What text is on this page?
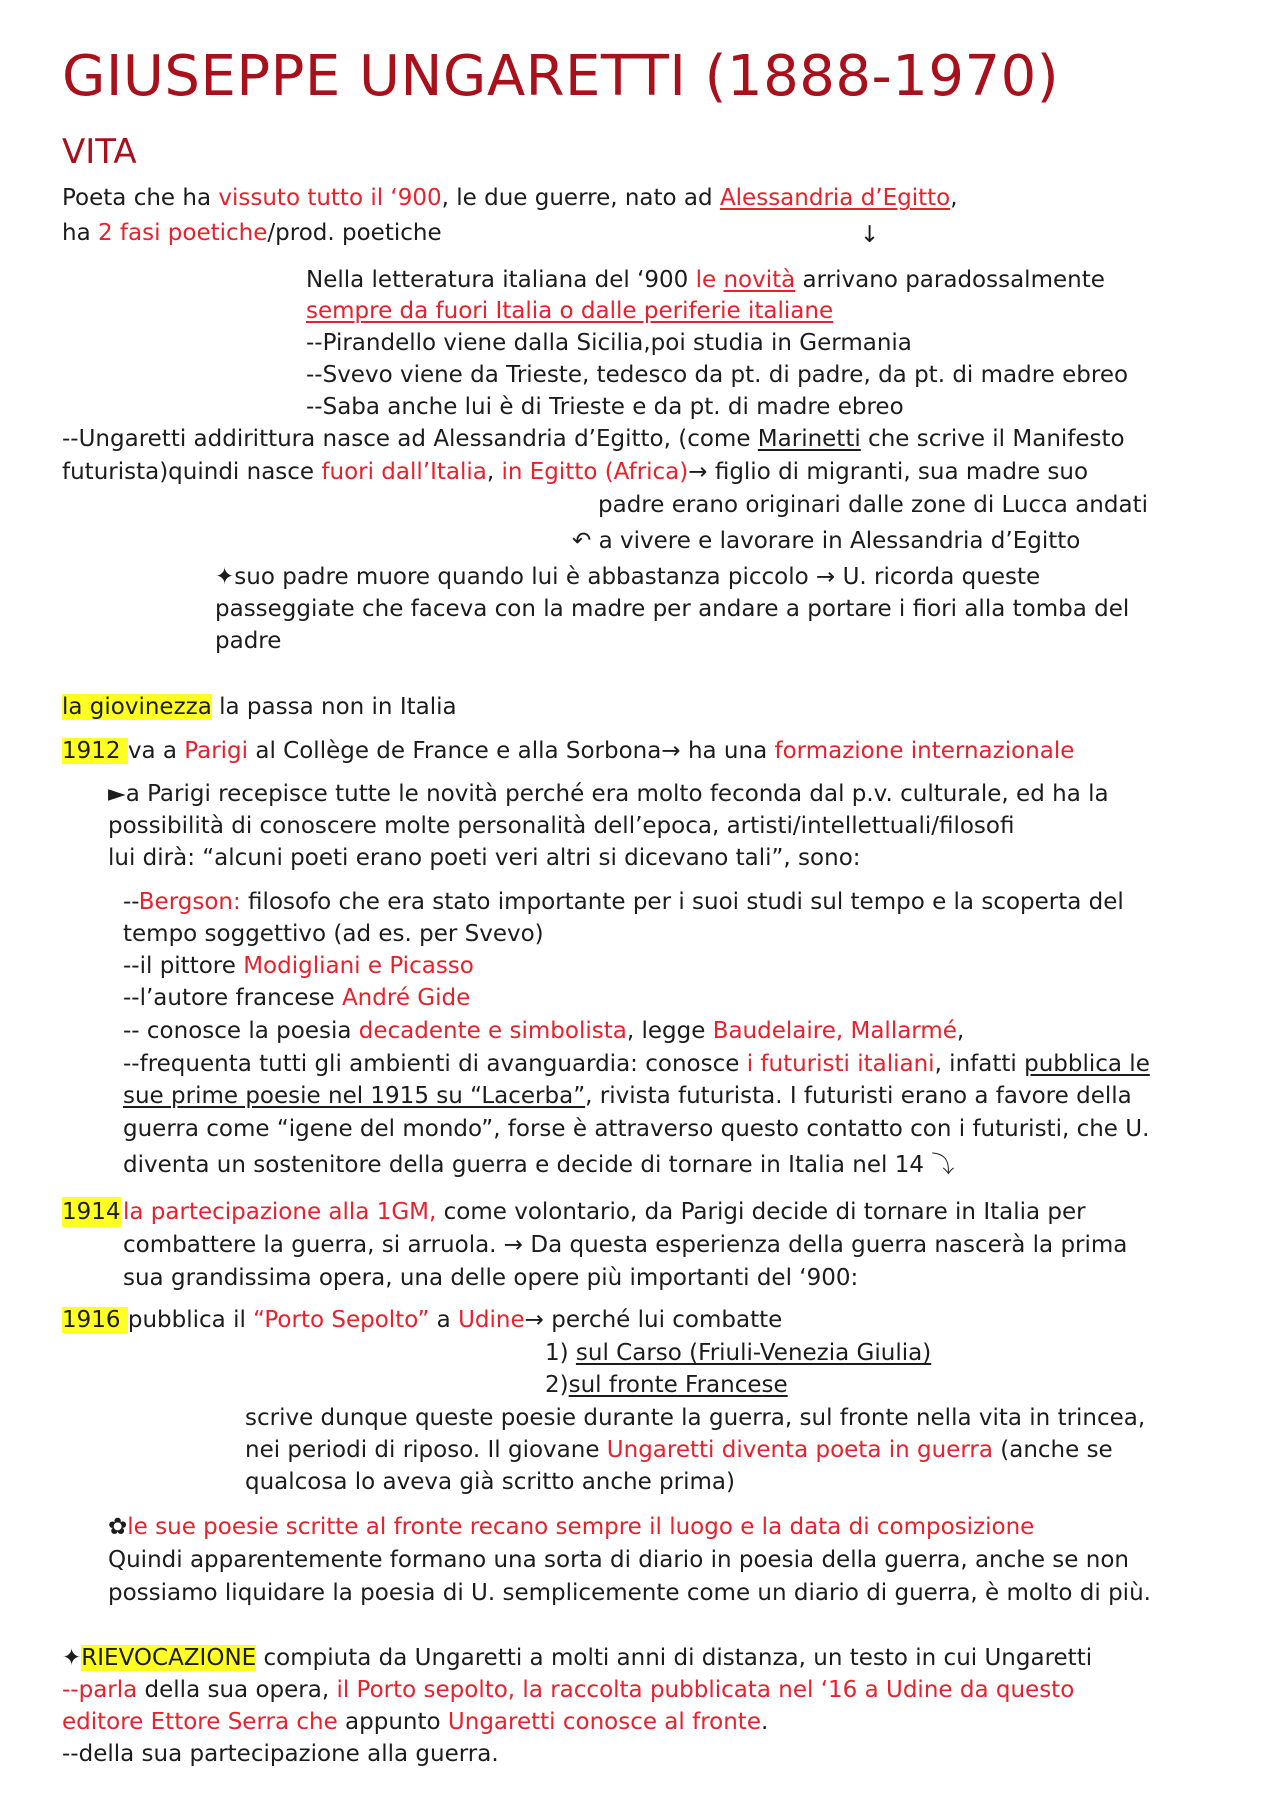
GIUSEPPE UNGARETTI (1888-1970)
VITA
Poeta che ha vissuto tutto il ‘900, le due guerre, nato ad Alessandria d’Egitto,
ha 2 fasi poetiche/prod. poetiche	↓
Nella letteratura italiana del ‘900 le novità arrivano paradossalmente
sempre da fuori Italia o dalle periferie italiane
--Pirandello viene dalla Sicilia,poi studia in Germania
--Svevo viene da Trieste, tedesco da pt. di padre, da pt. di madre ebreo
--Saba anche lui è di Trieste e da pt. di madre ebreo
--Ungaretti addirittura nasce ad Alessandria d’Egitto, (come Marinetti che scrive il Manifesto
futurista)quindi nasce fuori dall’Italia, in Egitto (Africa)→ figlio di migranti, sua madre suo
padre erano originari dalle zone di Lucca andati
↶ a vivere e lavorare in Alessandria d’Egitto
✦suo padre muore quando lui è abbastanza piccolo → U. ricorda queste
passeggiate che faceva con la madre per andare a portare i fiori alla tomba del
padre
la giovinezza la passa non in Italia
1912 va a Parigi al Collège de France e alla Sorbona→ ha una formazione internazionale
►a Parigi recepisce tutte le novità perché era molto feconda dal p.v. culturale, ed ha la
possibilità di conoscere molte personalità dell’epoca, artisti/intellettuali/filosofi
lui dirà: “alcuni poeti erano poeti veri altri si dicevano tali”, sono:
--Bergson: filosofo che era stato importante per i suoi studi sul tempo e la scoperta del
tempo soggettivo (ad es. per Svevo)
--il pittore Modigliani e Picasso
--l’autore francese André Gide
-- conosce la poesia decadente e simbolista, legge Baudelaire, Mallarmé,
--frequenta tutti gli ambienti di avanguardia: conosce i futuristi italiani, infatti pubblica le
sue prime poesie nel 1915 su “Lacerba”, rivista futurista. I futuristi erano a favore della
guerra come “igene del mondo”, forse è attraverso questo contatto con i futuristi, che U.
diventa un sostenitore della guerra e decide di tornare in Italia nel 14 ⤵
1914 la partecipazione alla 1GM, come volontario, da Parigi decide di tornare in Italia per
combattere la guerra, si arruola. → Da questa esperienza della guerra nascerà la prima
sua grandissima opera, una delle opere più importanti del ‘900:
1916 pubblica il “Porto Sepolto” a Udine→ perché lui combatte
1) sul Carso (Friuli-Venezia Giulia)
2)sul fronte Francese
scrive dunque queste poesie durante la guerra, sul fronte nella vita in trincea,
nei periodi di riposo. Il giovane Ungaretti diventa poeta in guerra (anche se
qualcosa lo aveva già scritto anche prima)
✿le sue poesie scritte al fronte recano sempre il luogo e la data di composizione
Quindi apparentemente formano una sorta di diario in poesia della guerra, anche se non
possiamo liquidare la poesia di U. semplicemente come un diario di guerra, è molto di più.
✦RIEVOCAZIONE compiuta da Ungaretti a molti anni di distanza, un testo in cui Ungaretti
--parla della sua opera, il Porto sepolto, la raccolta pubblicata nel ‘16 a Udine da questo
editore Ettore Serra che appunto Ungaretti conosce al fronte.
--della sua partecipazione alla guerra.
